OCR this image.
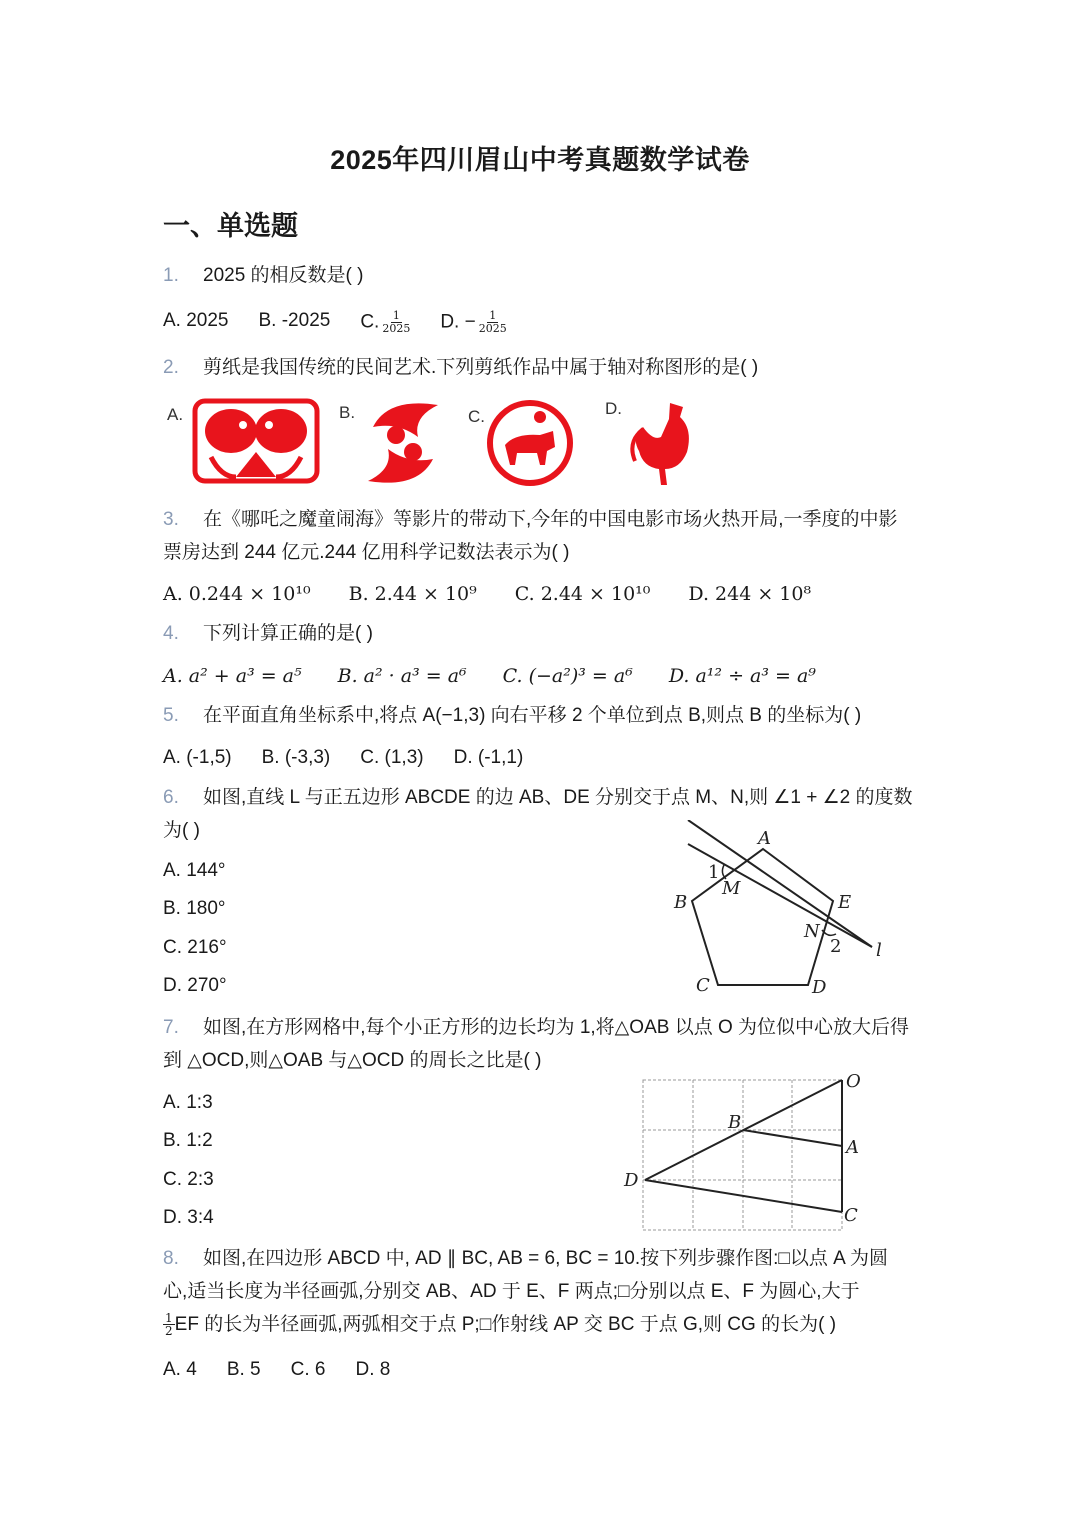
2025年四川眉山中考真题数学试卷
一、单选题
1. 2025 的相反数是( )
A. 2025 B. -2025 C. $\frac{1}{2025} D$. − $\frac{1}{2025}$
2. 剪纸是我国传统的民间艺术.下列剪纸作品中属于轴对称图形的是( )
A.	B.	C.	D.
3. 在《哪吒之魔童闹海》等影片的带动下,今年的中国电影市场火热开局,一季度的中影票房达到 244 亿元.244 亿用科学记数法表示为( )
A. 0.244 × 10¹⁰ B. 2.44 × 10⁹ C. 2.44 × 10¹⁰ D. 244 × 10⁸
4. 下列计算正确的是( )
A. a² + a³ = a⁵ B. a² · a³ = a⁶ C. (−a²)³ = a⁶ D. a¹² ÷ a³ = a⁹
5. 在平面直角坐标系中,将点 A(−1,3) 向右平移 2 个单位到点 B,则点 B 的坐标为( )
A. (-1,5) B. (-3,3) C. (1,3) D. (-1,1)
6. 如图,直线 L 与正五边形 ABCDE 的边 AB、DE 分别交于点 M、N,则 ∠1 + ∠2 的度数为( )
A. 144°
B. 180°
C. 216°
D. 270°
A
B
C	D
E
M
N
1
2 l
7. 如图,在方形网格中,每个小正方形的边长均为 1,将△OAB 以点 O 为位似中心放大后得到 △OCD,则△OAB 与△OCD 的周长之比是( )
A. 1:3
B. 1:2
C. 2:3
D. 3:4
O
B
A
D
C
8. 如图,在四边形 ABCD 中, AD ∥ BC, AB = 6, BC = 10.按下列步骤作图:□以点 A 为圆
心,适当长度为半径画弧,分别交 AB、AD 于 E、F 两点;□分别以点 E、F 为圆心,大于
$\frac{1}{2}$ EF 的长为半径画弧,两弧相交于点 P;□作射线 AP 交 BC 于点 G,则 CG 的长为( )
A. 4 B. 5 C. 6 D. 8
